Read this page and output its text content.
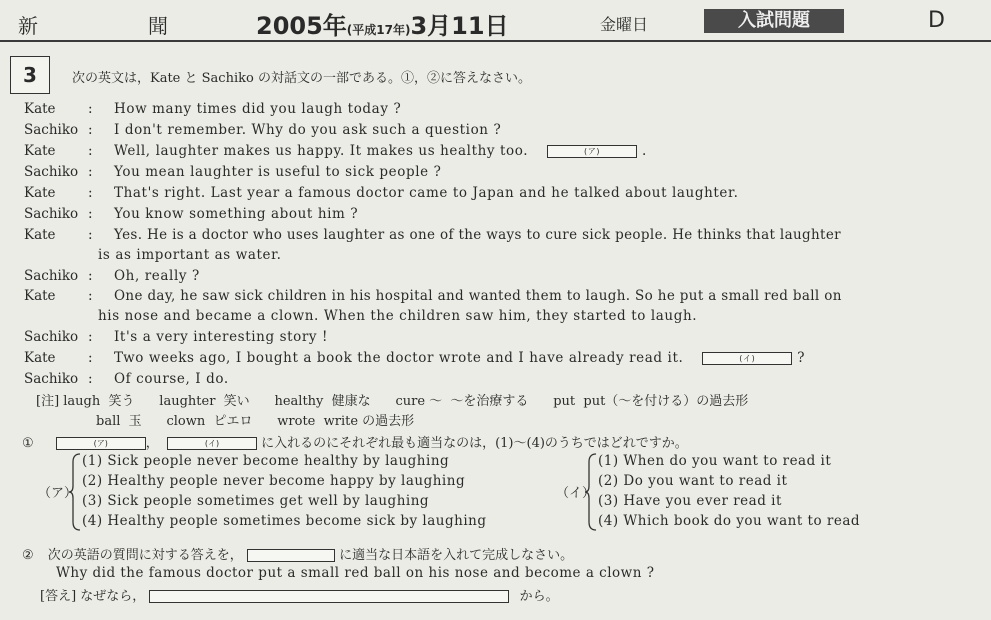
新	聞	2005年(平成17年)3月11日	金曜日	入試問題	D
3	次の英文は，Kate と Sachiko の対話文の一部である。①，②に答えなさい。
Kate : How many times did you laugh today ?
Sachiko : I don't remember. Why do you ask such a question ?
Kate : Well, laughter makes us happy. It makes us healthy too.	(ア)	.
Sachiko : You mean laughter is useful to sick people ?
Kate : That's right. Last year a famous doctor came to Japan and he talked about laughter.
Sachiko : You know something about him ?
Kate : Yes. He is a doctor who uses laughter as one of the ways to cure sick people. He thinks that laughter
is as important as water.
Sachiko : Oh, really ?
Kate : One day, he saw sick children in his hospital and wanted them to laugh. So he put a small red ball on
his nose and became a clown. When the children saw him, they started to laugh.
Sachiko : It's a very interesting story !
Kate : Two weeks ago, I bought a book the doctor wrote and I have already read it.	(イ)	?
Sachiko : Of course, I do.
[注] laugh  笑う      laughter  笑い      healthy  健康な      cure ～  ～を治療する      put  put（～を付ける）の過去形
ball  玉      clown  ピエロ      wrote  write の過去形
①	(ア)	，	(イ)	に入れるのにそれぞれ最も適当なのは，(1)～(4)のうちではどれですか。
（ア）
(1) Sick people never become healthy by laughing
(2) Healthy people never become happy by laughing
(3) Sick people sometimes get well by laughing
(4) Healthy people sometimes become sick by laughing
（イ）
(1) When do you want to read it
(2) Do you want to read it
(3) Have you ever read it
(4) Which book do you want to read
② 次の英語の質問に対する答えを，	に適当な日本語を入れて完成しなさい。
Why did the famous doctor put a small red ball on his nose and become a clown ?
[答え] なぜなら，	から。
